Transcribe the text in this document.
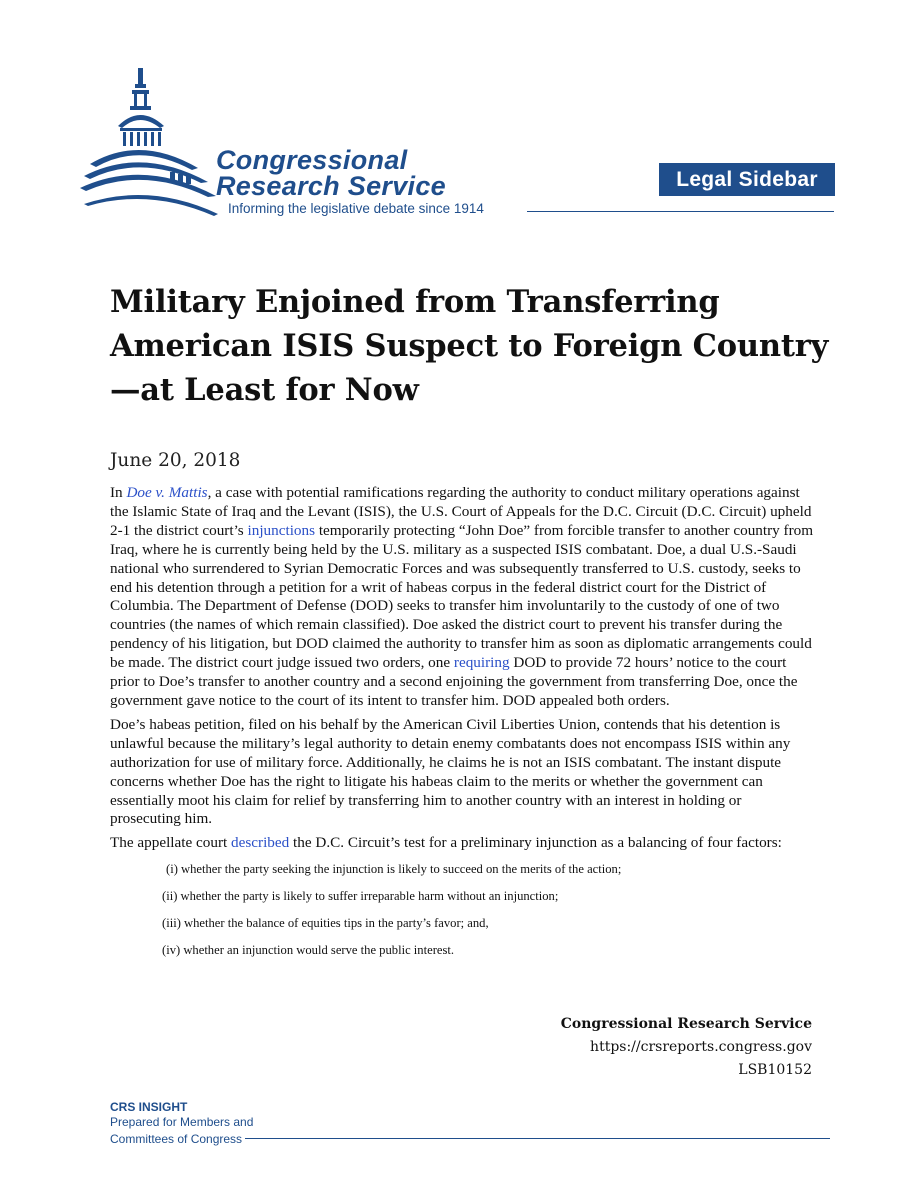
Congressional
Research Service
Informing the legislative debate since 1914
Legal Sidebar
Military Enjoined from Transferring American ISIS Suspect to Foreign Country—at Least for Now
June 20, 2018

In Doe v. Mattis, a case with potential ramifications regarding the authority to conduct military operations against the Islamic State of Iraq and the Levant (ISIS), the U.S. Court of Appeals for the D.C. Circuit (D.C. Circuit) upheld 2-1 the district court’s injunctions temporarily protecting “John Doe” from forcible transfer to another country from Iraq, where he is currently being held by the U.S. military as a suspected ISIS combatant. Doe, a dual U.S.-Saudi national who surrendered to Syrian Democratic Forces and was subsequently transferred to U.S. custody, seeks to end his detention through a petition for a writ of habeas corpus in the federal district court for the District of Columbia. The Department of Defense (DOD) seeks to transfer him involuntarily to the custody of one of two countries (the names of which remain classified). Doe asked the district court to prevent his transfer during the pendency of his litigation, but DOD claimed the authority to transfer him as soon as diplomatic arrangements could be made. The district court judge issued two orders, one requiring DOD to provide 72 hours’ notice to the court prior to Doe’s transfer to another country and a second enjoining the government from transferring Doe, once the government gave notice to the court of its intent to transfer him. DOD appealed both orders.

Doe’s habeas petition, filed on his behalf by the American Civil Liberties Union, contends that his detention is unlawful because the military’s legal authority to detain enemy combatants does not encompass ISIS within any authorization for use of military force. Additionally, he claims he is not an ISIS combatant. The instant dispute concerns whether Doe has the right to litigate his habeas claim to the merits or whether the government can essentially moot his claim for relief by transferring him to another country with an interest in holding or prosecuting him.

The appellate court described the D.C. Circuit’s test for a preliminary injunction as a balancing of four factors:

(i) whether the party seeking the injunction is likely to succeed on the merits of the action;
(ii) whether the party is likely to suffer irreparable harm without an injunction;
(iii) whether the balance of equities tips in the party’s favor; and,
(iv) whether an injunction would serve the public interest.
Congressional Research Service
https://crsreports.congress.gov
LSB10152
CRS INSIGHT
Prepared for Members and
Committees of Congress
